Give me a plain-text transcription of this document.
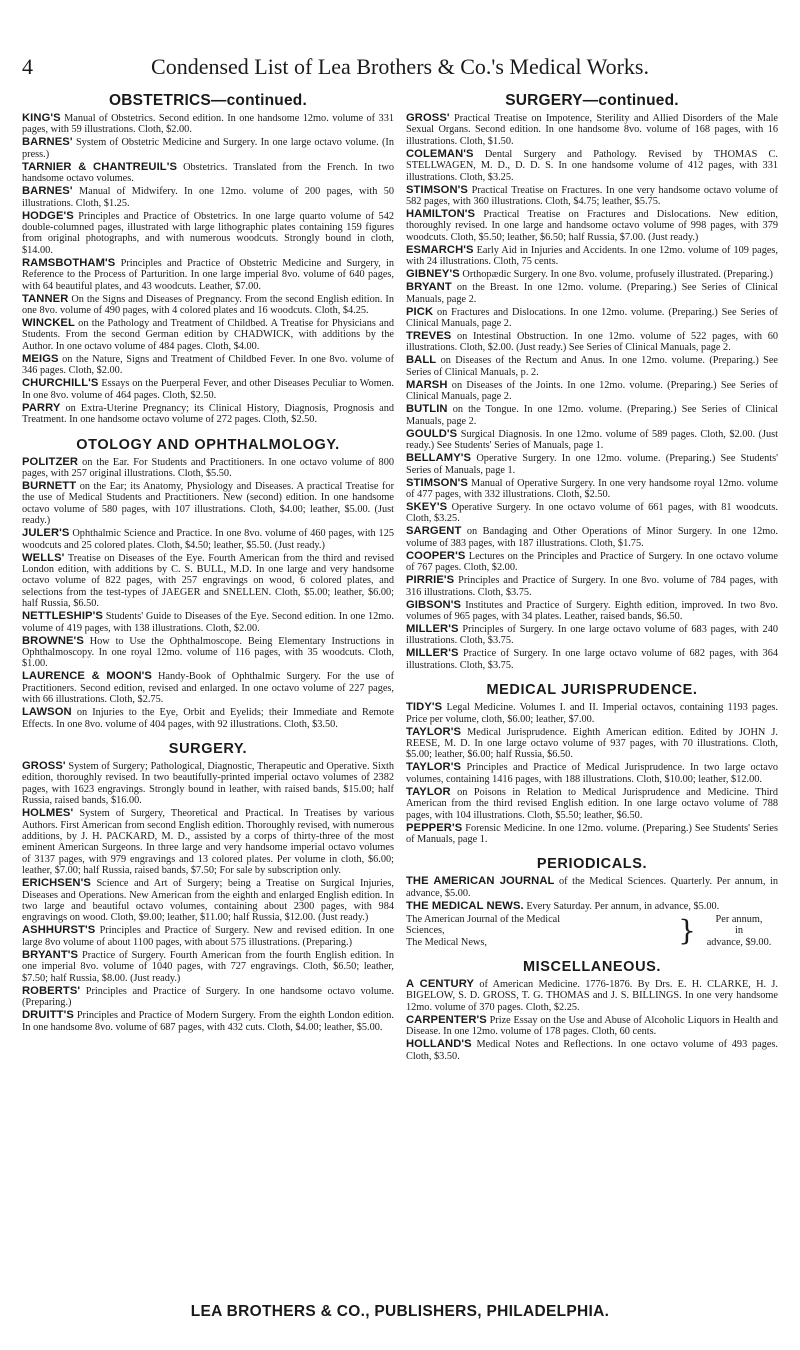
4	Condensed List of Lea Brothers & Co.'s Medical Works.
OBSTETRICS—continued.

KING'S Manual of Obstetrics. Second edition. In one handsome 12mo. volume of 331 pages, with 59 illustrations. Cloth, $2.00.

BARNES' System of Obstetric Medicine and Surgery. In one large octavo volume. (In press.)

TARNIER & CHANTREUIL'S Obstetrics. Translated from the French. In two handsome octavo volumes.

BARNES' Manual of Midwifery. In one 12mo. volume of 200 pages, with 50 illustrations. Cloth, $1.25.

HODGE'S Principles and Practice of Obstetrics. In one large quarto volume of 542 double-columned pages, illustrated with large lithographic plates containing 159 figures from original photographs, and with numerous woodcuts. Strongly bound in cloth, $14.00.

RAMSBOTHAM'S Principles and Practice of Obstetric Medicine and Surgery, in Reference to the Process of Parturition. In one large imperial 8vo. volume of 640 pages, with 64 beautiful plates, and 43 woodcuts. Leather, $7.00.

TANNER On the Signs and Diseases of Pregnancy. From the second English edition. In one 8vo. volume of 490 pages, with 4 colored plates and 16 woodcuts. Cloth, $4.25.

WINCKEL on the Pathology and Treatment of Childbed. A Treatise for Physicians and Students. From the second German edition by CHADWICK, with additions by the Author. In one octavo volume of 484 pages. Cloth, $4.00.

MEIGS on the Nature, Signs and Treatment of Childbed Fever. In one 8vo. volume of 346 pages. Cloth, $2.00.

CHURCHILL'S Essays on the Puerperal Fever, and other Diseases Peculiar to Women. In one 8vo. volume of 464 pages. Cloth, $2.50.

PARRY on Extra-Uterine Pregnancy; its Clinical History, Diagnosis, Prognosis and Treatment. In one handsome octavo volume of 272 pages. Cloth, $2.50.

OTOLOGY AND OPHTHALMOLOGY.

POLITZER on the Ear. For Students and Practitioners. In one octavo volume of 800 pages, with 257 original illustrations. Cloth, $5.50.

BURNETT on the Ear; its Anatomy, Physiology and Diseases. A practical Treatise for the use of Medical Students and Practitioners. New (second) edition. In one handsome octavo volume of 580 pages, with 107 illustrations. Cloth, $4.00; leather, $5.00. (Just ready.)

JULER'S Ophthalmic Science and Practice. In one 8vo. volume of 460 pages, with 125 woodcuts and 25 colored plates. Cloth, $4.50; leather, $5.50. (Just ready.)

WELLS' Treatise on Diseases of the Eye. Fourth American from the third and revised London edition, with additions by C. S. BULL, M.D. In one large and very handsome octavo volume of 822 pages, with 257 engravings on wood, 6 colored plates, and selections from the test-types of JAEGER and SNELLEN. Cloth, $5.00; leather, $6.00; half Russia, $6.50.

NETTLESHIP'S Students' Guide to Diseases of the Eye. Second edition. In one 12mo. volume of 419 pages, with 138 illustrations. Cloth, $2.00.

BROWNE'S How to Use the Ophthalmoscope. Being Elementary Instructions in Ophthalmoscopy. In one royal 12mo. volume of 116 pages, with 35 woodcuts. Cloth, $1.00.

LAURENCE & MOON'S Handy-Book of Ophthalmic Surgery. For the use of Practitioners. Second edition, revised and enlarged. In one octavo volume of 227 pages, with 66 illustrations. Cloth, $2.75.

LAWSON on Injuries to the Eye, Orbit and Eyelids; their Immediate and Remote Effects. In one 8vo. volume of 404 pages, with 92 illustrations. Cloth, $3.50.

SURGERY.

GROSS' System of Surgery; Pathological, Diagnostic, Therapeutic and Operative. Sixth edition, thoroughly revised. In two beautifully-printed imperial octavo volumes of 2382 pages, with 1623 engravings. Strongly bound in leather, with raised bands, $15.00; half Russia, raised bands, $16.00.

HOLMES' System of Surgery, Theoretical and Practical. In Treatises by various Authors. First American from second English edition. Thoroughly revised, with numerous additions, by J. H. PACKARD, M. D., assisted by a corps of thirty-three of the most eminent American Surgeons. In three large and very handsome imperial octavo volumes of 3137 pages, with 979 engravings and 13 colored plates. Per volume in cloth, $6.00; leather, $7.00; half Russia, raised bands, $7.50; For sale by subscription only.

ERICHSEN'S Science and Art of Surgery; being a Treatise on Surgical Injuries, Diseases and Operations. New American from the eighth and enlarged English edition. In two large and beautiful octavo volumes, containing about 2300 pages, with 984 engravings on wood. Cloth, $9.00; leather, $11.00; half Russia, $12.00. (Just ready.)

ASHHURST'S Principles and Practice of Surgery. New and revised edition. In one large 8vo volume of about 1100 pages, with about 575 illustrations. (Preparing.)

BRYANT'S Practice of Surgery. Fourth American from the fourth English edition. In one imperial 8vo. volume of 1040 pages, with 727 engravings. Cloth, $6.50; leather, $7.50; half Russia, $8.00. (Just ready.)

ROBERTS' Principles and Practice of Surgery. In one handsome octavo volume. (Preparing.)

DRUITT'S Principles and Practice of Modern Surgery. From the eighth London edition. In one handsome 8vo. volume of 687 pages, with 432 cuts. Cloth, $4.00; leather, $5.00.

SURGERY—continued.

GROSS' Practical Treatise on Impotence, Sterility and Allied Disorders of the Male Sexual Organs. Second edition. In one handsome 8vo. volume of 168 pages, with 16 illustrations. Cloth, $1.50.

COLEMAN'S Dental Surgery and Pathology. Revised by THOMAS C. STELLWAGEN, M. D., D. D. S. In one handsome volume of 412 pages, with 331 illustrations. Cloth, $3.25.

STIMSON'S Practical Treatise on Fractures. In one very handsome octavo volume of 582 pages, with 360 illustrations. Cloth, $4.75; leather, $5.75.

HAMILTON'S Practical Treatise on Fractures and Dislocations. New edition, thoroughly revised. In one large and handsome octavo volume of 998 pages, with 379 woodcuts. Cloth, $5.50; leather, $6.50; half Russia, $7.00. (Just ready.)

ESMARCH'S Early Aid in Injuries and Accidents. In one 12mo. volume of 109 pages, with 24 illustrations. Cloth, 75 cents.

GIBNEY'S Orthopædic Surgery. In one 8vo. volume, profusely illustrated. (Preparing.)

BRYANT on the Breast. In one 12mo. volume. (Preparing.) See Series of Clinical Manuals, page 2.

PICK on Fractures and Dislocations. In one 12mo. volume. (Preparing.) See Series of Clinical Manuals, page 2.

TREVES on Intestinal Obstruction. In one 12mo. volume of 522 pages, with 60 illustrations. Cloth, $2.00. (Just ready.) See Series of Clinical Manuals, page 2.

BALL on Diseases of the Rectum and Anus. In one 12mo. volume. (Preparing.) See Series of Clinical Manuals, p. 2.

MARSH on Diseases of the Joints. In one 12mo. volume. (Preparing.) See Series of Clinical Manuals, page 2.

BUTLIN on the Tongue. In one 12mo. volume. (Preparing.) See Series of Clinical Manuals, page 2.

GOULD'S Surgical Diagnosis. In one 12mo. volume of 589 pages. Cloth, $2.00. (Just ready.) See Students' Series of Manuals, page 1.

BELLAMY'S Operative Surgery. In one 12mo. volume. (Preparing.) See Students' Series of Manuals, page 1.

STIMSON'S Manual of Operative Surgery. In one very handsome royal 12mo. volume of 477 pages, with 332 illustrations. Cloth, $2.50.

SKEY'S Operative Surgery. In one octavo volume of 661 pages, with 81 woodcuts. Cloth, $3.25.

SARGENT on Bandaging and Other Operations of Minor Surgery. In one 12mo. volume of 383 pages, with 187 illustrations. Cloth, $1.75.

COOPER'S Lectures on the Principles and Practice of Surgery. In one octavo volume of 767 pages. Cloth, $2.00.

PIRRIE'S Principles and Practice of Surgery. In one 8vo. volume of 784 pages, with 316 illustrations. Cloth, $3.75.

GIBSON'S Institutes and Practice of Surgery. Eighth edition, improved. In two 8vo. volumes of 965 pages, with 34 plates. Leather, raised bands, $6.50.

MILLER'S Principles of Surgery. In one large octavo volume of 683 pages, with 240 illustrations. Cloth, $3.75.

MILLER'S Practice of Surgery. In one large octavo volume of 682 pages, with 364 illustrations. Cloth, $3.75.

MEDICAL JURISPRUDENCE.

TIDY'S Legal Medicine. Volumes I. and II. Imperial octavos, containing 1193 pages. Price per volume, cloth, $6.00; leather, $7.00.

TAYLOR'S Medical Jurisprudence. Eighth American edition. Edited by JOHN J. REESE, M. D. In one large octavo volume of 937 pages, with 70 illustrations. Cloth, $5.00; leather, $6.00; half Russia, $6.50.

TAYLOR'S Principles and Practice of Medical Jurisprudence. In two large octavo volumes, containing 1416 pages, with 188 illustrations. Cloth, $10.00; leather, $12.00.

TAYLOR on Poisons in Relation to Medical Jurisprudence and Medicine. Third American from the third revised English edition. In one large octavo volume of 788 pages, with 104 illustrations. Cloth, $5.50; leather, $6.50.

PEPPER'S Forensic Medicine. In one 12mo. volume. (Preparing.) See Students' Series of Manuals, page 1.

PERIODICALS.

THE AMERICAN JOURNAL of the Medical Sciences. Quarterly. Per annum, in advance, $5.00.

THE MEDICAL NEWS. Every Saturday. Per annum, in advance, $5.00.

The American Journal of the Medical
Sciences,
The Medical News,	}	Per annum,
in
advance, $9.00.
MISCELLANEOUS.

A CENTURY of American Medicine. 1776-1876. By Drs. E. H. CLARKE, H. J. BIGELOW, S. D. GROSS, T. G. THOMAS and J. S. BILLINGS. In one very handsome 12mo. volume of 370 pages. Cloth, $2.25.

CARPENTER'S Prize Essay on the Use and Abuse of Alcoholic Liquors in Health and Disease. In one 12mo. volume of 178 pages. Cloth, 60 cents.

HOLLAND'S Medical Notes and Reflections. In one octavo volume of 493 pages. Cloth, $3.50.

LEA BROTHERS & CO., PUBLISHERS, PHILADELPHIA.
